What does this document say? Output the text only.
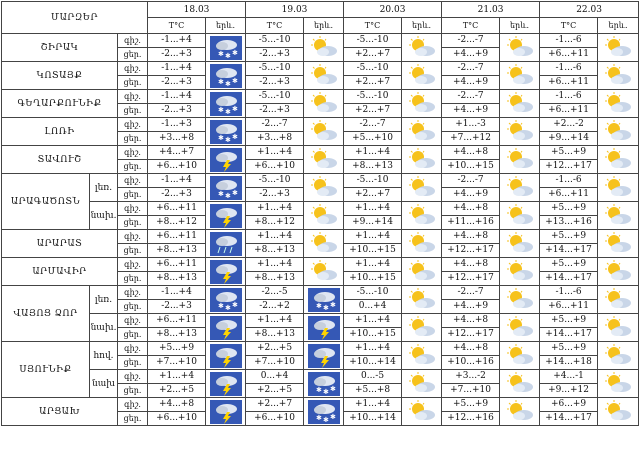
ՄԱՐԶԵՐ			18.03		19.03		20.03		21.03		22.03	
			T°C	երև.	T°C	երև.	T°C	երև.	T°C	երև.	T°C	երև.
ՇԻՐԱԿ		գիշ.	-1...+4	✱ ✱ ✱	-5...-10		-5...-10		-2...-7		-1...-6	

		ցեր.	-2...+3		-2...+3		+2...+7		+4...+9		+6...+11	
ԿՈՏԱՅՔ		գիշ.	-1...+4	✱ ✱ ✱	-5...-10		-5...-10		-2...-7		-1...-6	

		ցեր.	-2...+3		-2...+3		+2...+7		+4...+9		+6...+11	
ԳԵՂԱՐՔՈՒՆԻՔ		գիշ.	-1...+4	✱ ✱ ✱	-5...-10		-5...-10		-2...-7		-1...-6	

		ցեր.	-2...+3		-2...+3		+2...+7		+4...+9		+6...+11	
ԼՈՌԻ		գիշ.	-1...+3	✱ ✱ ✱	-2...-7		-2...-7		+1...-3		+2...-2	

		ցեր.	+3...+8		+3...+8		+5...+10		+7...+12		+9...+14	
ՏԱՎՈՒՇ		գիշ.	+4...+7		+1...+4		+1...+4		+4...+8		+5...+9	

		ցեր.	+6...+10		+6...+10		+8...+13		+10...+15		+12...+17	
ԱՐԱԳԱԾՈՏՆ	լեռ.	գիշ.	-1...+4	✱ ✱ ✱	-5...-10		-5...-10		-2...-7		-1...-6	

		ցեր.	-2...+3		-2...+3		+2...+7		+4...+9		+6...+11	
	նախ.	գիշ.	+6...+11		+1...+4		+1...+4		+4...+8		+5...+9	

		ցեր.	+8...+12		+8...+12		+9...+14		+11...+16		+13...+16	
ԱՐԱՐԱՏ		գիշ.	+6...+11		+1...+4		+1...+4		+4...+8		+5...+9	

		ցեր.	+8...+13		+8...+13		+10...+15		+12...+17		+14...+17	
ԱՐՄԱՎԻՐ		գիշ.	+6...+11		+1...+4		+1...+4		+4...+8		+5...+9	

		ցեր.	+8...+13		+8...+13		+10...+15		+12...+17		+14...+17	
ՎԱՅՈՑ ՁՈՐ	լեռ.	գիշ.	-1...+4	✱ ✱ ✱	-2...-5	✱ ✱ ✱	-5...-10		-2...-7		-1...-6	

		ցեր.	-2...+3		-2...+2		0...+4		+4...+9		+6...+11	
	նախ.	գիշ.	+6...+11		+1...+4		+1...+4		+4...+8		+5...+9	

		ցեր.	+8...+13		+8...+13		+10...+15		+12...+17		+14...+17	
ՍՅՈՒՆԻՔ	հով.	գիշ.	+5...+9		+2...+5		+1...+4		+4...+8		+5...+9	

		ցեր.	+7...+10		+7...+10		+10...+14		+10...+16		+14...+18	
	նախ	գիշ.	+1...+4		0...+4	✱ ✱ ✱	0...-5		+3...-2		+4...-1	

		ցեր.	+2...+5		+2...+5		+5...+8		+7...+10		+9...+12	
ԱՐՑԱԽ		գիշ.	+4...+8		+2...+7	✱ ✱ ✱	+1...+4		+5...+9		+6...+9	

		ցեր.	+6...+10		+6...+10		+10...+14		+12...+16		+14...+17	
